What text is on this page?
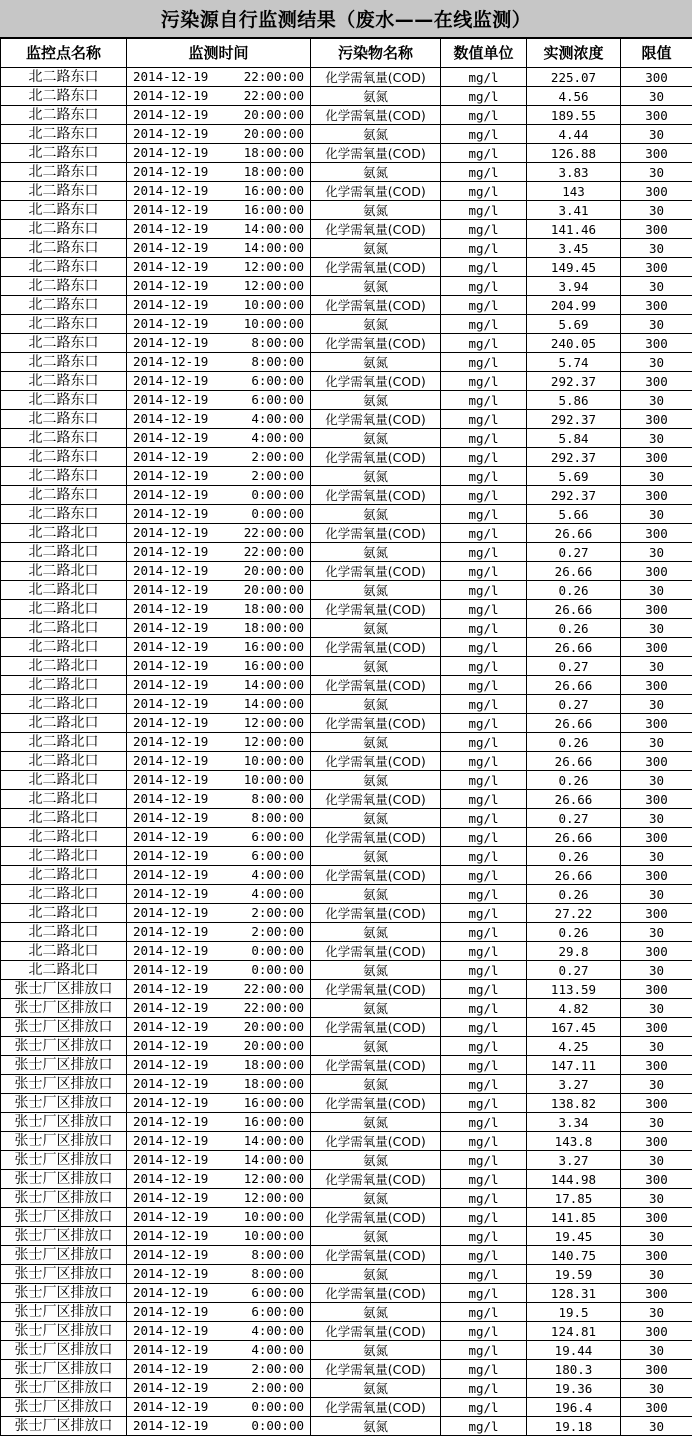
污染源自行监测结果（废水——在线监测）
监控点名称	监测时间	污染物名称	数值单位	实测浓度	限值
北二路东口	2014-12-19 22:00:00	化学需氧量(COD)	mg/l	225.07	300
北二路东口	2014-12-19 22:00:00	氨氮	mg/l	4.56	30
北二路东口	2014-12-19 20:00:00	化学需氧量(COD)	mg/l	189.55	300
北二路东口	2014-12-19 20:00:00	氨氮	mg/l	4.44	30
北二路东口	2014-12-19 18:00:00	化学需氧量(COD)	mg/l	126.88	300
北二路东口	2014-12-19 18:00:00	氨氮	mg/l	3.83	30
北二路东口	2014-12-19 16:00:00	化学需氧量(COD)	mg/l	143	300
北二路东口	2014-12-19 16:00:00	氨氮	mg/l	3.41	30
北二路东口	2014-12-19 14:00:00	化学需氧量(COD)	mg/l	141.46	300
北二路东口	2014-12-19 14:00:00	氨氮	mg/l	3.45	30
北二路东口	2014-12-19 12:00:00	化学需氧量(COD)	mg/l	149.45	300
北二路东口	2014-12-19 12:00:00	氨氮	mg/l	3.94	30
北二路东口	2014-12-19 10:00:00	化学需氧量(COD)	mg/l	204.99	300
北二路东口	2014-12-19 10:00:00	氨氮	mg/l	5.69	30
北二路东口	2014-12-19 8:00:00	化学需氧量(COD)	mg/l	240.05	300
北二路东口	2014-12-19 8:00:00	氨氮	mg/l	5.74	30
北二路东口	2014-12-19 6:00:00	化学需氧量(COD)	mg/l	292.37	300
北二路东口	2014-12-19 6:00:00	氨氮	mg/l	5.86	30
北二路东口	2014-12-19 4:00:00	化学需氧量(COD)	mg/l	292.37	300
北二路东口	2014-12-19 4:00:00	氨氮	mg/l	5.84	30
北二路东口	2014-12-19 2:00:00	化学需氧量(COD)	mg/l	292.37	300
北二路东口	2014-12-19 2:00:00	氨氮	mg/l	5.69	30
北二路东口	2014-12-19 0:00:00	化学需氧量(COD)	mg/l	292.37	300
北二路东口	2014-12-19 0:00:00	氨氮	mg/l	5.66	30
北二路北口	2014-12-19 22:00:00	化学需氧量(COD)	mg/l	26.66	300
北二路北口	2014-12-19 22:00:00	氨氮	mg/l	0.27	30
北二路北口	2014-12-19 20:00:00	化学需氧量(COD)	mg/l	26.66	300
北二路北口	2014-12-19 20:00:00	氨氮	mg/l	0.26	30
北二路北口	2014-12-19 18:00:00	化学需氧量(COD)	mg/l	26.66	300
北二路北口	2014-12-19 18:00:00	氨氮	mg/l	0.26	30
北二路北口	2014-12-19 16:00:00	化学需氧量(COD)	mg/l	26.66	300
北二路北口	2014-12-19 16:00:00	氨氮	mg/l	0.27	30
北二路北口	2014-12-19 14:00:00	化学需氧量(COD)	mg/l	26.66	300
北二路北口	2014-12-19 14:00:00	氨氮	mg/l	0.27	30
北二路北口	2014-12-19 12:00:00	化学需氧量(COD)	mg/l	26.66	300
北二路北口	2014-12-19 12:00:00	氨氮	mg/l	0.26	30
北二路北口	2014-12-19 10:00:00	化学需氧量(COD)	mg/l	26.66	300
北二路北口	2014-12-19 10:00:00	氨氮	mg/l	0.26	30
北二路北口	2014-12-19 8:00:00	化学需氧量(COD)	mg/l	26.66	300
北二路北口	2014-12-19 8:00:00	氨氮	mg/l	0.27	30
北二路北口	2014-12-19 6:00:00	化学需氧量(COD)	mg/l	26.66	300
北二路北口	2014-12-19 6:00:00	氨氮	mg/l	0.26	30
北二路北口	2014-12-19 4:00:00	化学需氧量(COD)	mg/l	26.66	300
北二路北口	2014-12-19 4:00:00	氨氮	mg/l	0.26	30
北二路北口	2014-12-19 2:00:00	化学需氧量(COD)	mg/l	27.22	300
北二路北口	2014-12-19 2:00:00	氨氮	mg/l	0.26	30
北二路北口	2014-12-19 0:00:00	化学需氧量(COD)	mg/l	29.8	300
北二路北口	2014-12-19 0:00:00	氨氮	mg/l	0.27	30
张士厂区排放口	2014-12-19 22:00:00	化学需氧量(COD)	mg/l	113.59	300
张士厂区排放口	2014-12-19 22:00:00	氨氮	mg/l	4.82	30
张士厂区排放口	2014-12-19 20:00:00	化学需氧量(COD)	mg/l	167.45	300
张士厂区排放口	2014-12-19 20:00:00	氨氮	mg/l	4.25	30
张士厂区排放口	2014-12-19 18:00:00	化学需氧量(COD)	mg/l	147.11	300
张士厂区排放口	2014-12-19 18:00:00	氨氮	mg/l	3.27	30
张士厂区排放口	2014-12-19 16:00:00	化学需氧量(COD)	mg/l	138.82	300
张士厂区排放口	2014-12-19 16:00:00	氨氮	mg/l	3.34	30
张士厂区排放口	2014-12-19 14:00:00	化学需氧量(COD)	mg/l	143.8	300
张士厂区排放口	2014-12-19 14:00:00	氨氮	mg/l	3.27	30
张士厂区排放口	2014-12-19 12:00:00	化学需氧量(COD)	mg/l	144.98	300
张士厂区排放口	2014-12-19 12:00:00	氨氮	mg/l	17.85	30
张士厂区排放口	2014-12-19 10:00:00	化学需氧量(COD)	mg/l	141.85	300
张士厂区排放口	2014-12-19 10:00:00	氨氮	mg/l	19.45	30
张士厂区排放口	2014-12-19 8:00:00	化学需氧量(COD)	mg/l	140.75	300
张士厂区排放口	2014-12-19 8:00:00	氨氮	mg/l	19.59	30
张士厂区排放口	2014-12-19 6:00:00	化学需氧量(COD)	mg/l	128.31	300
张士厂区排放口	2014-12-19 6:00:00	氨氮	mg/l	19.5	30
张士厂区排放口	2014-12-19 4:00:00	化学需氧量(COD)	mg/l	124.81	300
张士厂区排放口	2014-12-19 4:00:00	氨氮	mg/l	19.44	30
张士厂区排放口	2014-12-19 2:00:00	化学需氧量(COD)	mg/l	180.3	300
张士厂区排放口	2014-12-19 2:00:00	氨氮	mg/l	19.36	30
张士厂区排放口	2014-12-19 0:00:00	化学需氧量(COD)	mg/l	196.4	300
张士厂区排放口	2014-12-19 0:00:00	氨氮	mg/l	19.18	30
